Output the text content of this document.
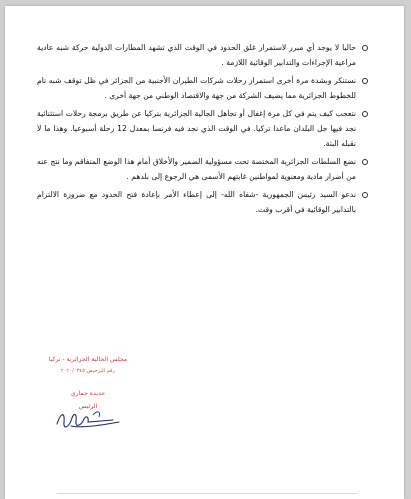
حاليا لا يوجد أي مبرر لاستمرار غلق الحدود في الوقت الذي تشهد المطارات الدولية حركة شبه عادية مراعية الإجراءات والتدابير الوقائية اللازمة .
نستنكر وبشدة مرة أخرى استمرار رحلات شركات الطيران الأجنبية من الجزائر في ظل توقف شبه تام للخطوط الجزائرية مما يضيف الشركة من جهة والاقتصاد الوطني من جهة أخرى .
نتعجب كيف يتم في كل مرة إغفال أو تجاهل الجالية الجزائرية بتركيا عن طريق برمجة رحلات استثنائية نجد فيها جل البلدان ماعدا تركيا. في الوقت الذي نجد فيه فرنسا بمعدل 12 رحلة أسبوعيا. وهذا ما لا نقبله البتة.
نضع السلطات الجزائرية المختصة تحت مسؤولية الضمير والأخلاق أمام هذا الوضع المتفاقم وما نتج عنه من أضرار مادية ومعنوية لمواطنين غايتهم الأسمى هي الرجوع إلى بلدهم .
ندعو السيد رئيس الجمهورية -شفاه الله- إلى إعطاء الأمر بإعادة فتح الحدود مع ضرورة الالتزام بالتدابير الوقائية في أقرب وقت.
مجلس الجالية الجزائرية - تركيا
رقم الترخيص ٢٠٢٠/٠٣٤٥
حديدة جماري
الرئيس
